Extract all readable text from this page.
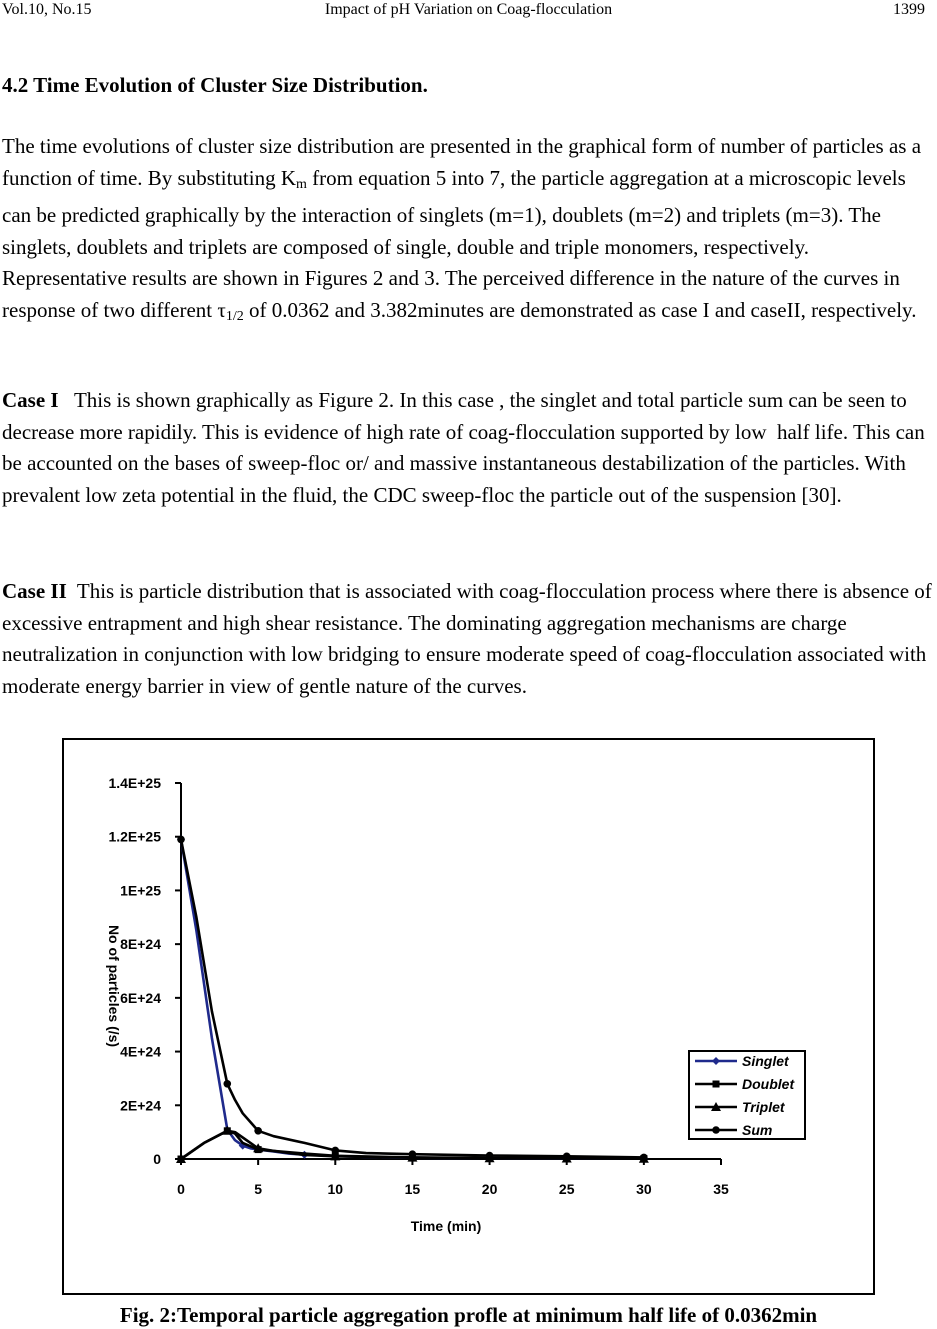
Vol.10, No.15	Impact of pH Variation on Coag-flocculation	1399
4.2 Time Evolution of Cluster Size Distribution.

The time evolutions of cluster size distribution are presented in the graphical form of number of particles as a function of time. By substituting $K_m$ from equation 5 into 7, the particle aggregation at a microscopic levels can be predicted graphically by the interaction of singlets (m=1), doublets (m=2) and triplets (m=3). The singlets, doublets and triplets are composed of single, double and triple monomers, respectively. Representative results are shown in Figures 2 and 3. The perceived difference in the nature of the curves in response of two different $\tau_{1/2}$ of 0.0362 and 3.382minutes are demonstrated as case I and caseII, respectively.

Case I   This is shown graphically as Figure 2. In this case , the singlet and total particle sum can be seen to decrease more rapidily. This is evidence of high rate of coag-flocculation supported by low  half life. This can be accounted on the bases of sweep-floc or/ and massive instantaneous destabilization of the particles. With prevalent low zeta potential in the fluid, the CDC sweep-floc the particle out of the suspension [30].

Case II  This is particle distribution that is associated with coag-flocculation process where there is absence of excessive entrapment and high shear resistance. The dominating aggregation mechanisms are charge neutralization in conjunction with low bridging to ensure moderate speed of coag-flocculation associated with moderate energy barrier in view of gentle nature of the curves.

0
2E+24
4E+24
6E+24
8E+24
1E+25
1.2E+25
1.4E+25
0	5	10	15	20	25	30	35
Time (min)
No of particles (/s)
Singlet
Doublet
Triplet
Sum

Fig. 2:Temporal particle aggregation profle at minimum half life of 0.0362min
